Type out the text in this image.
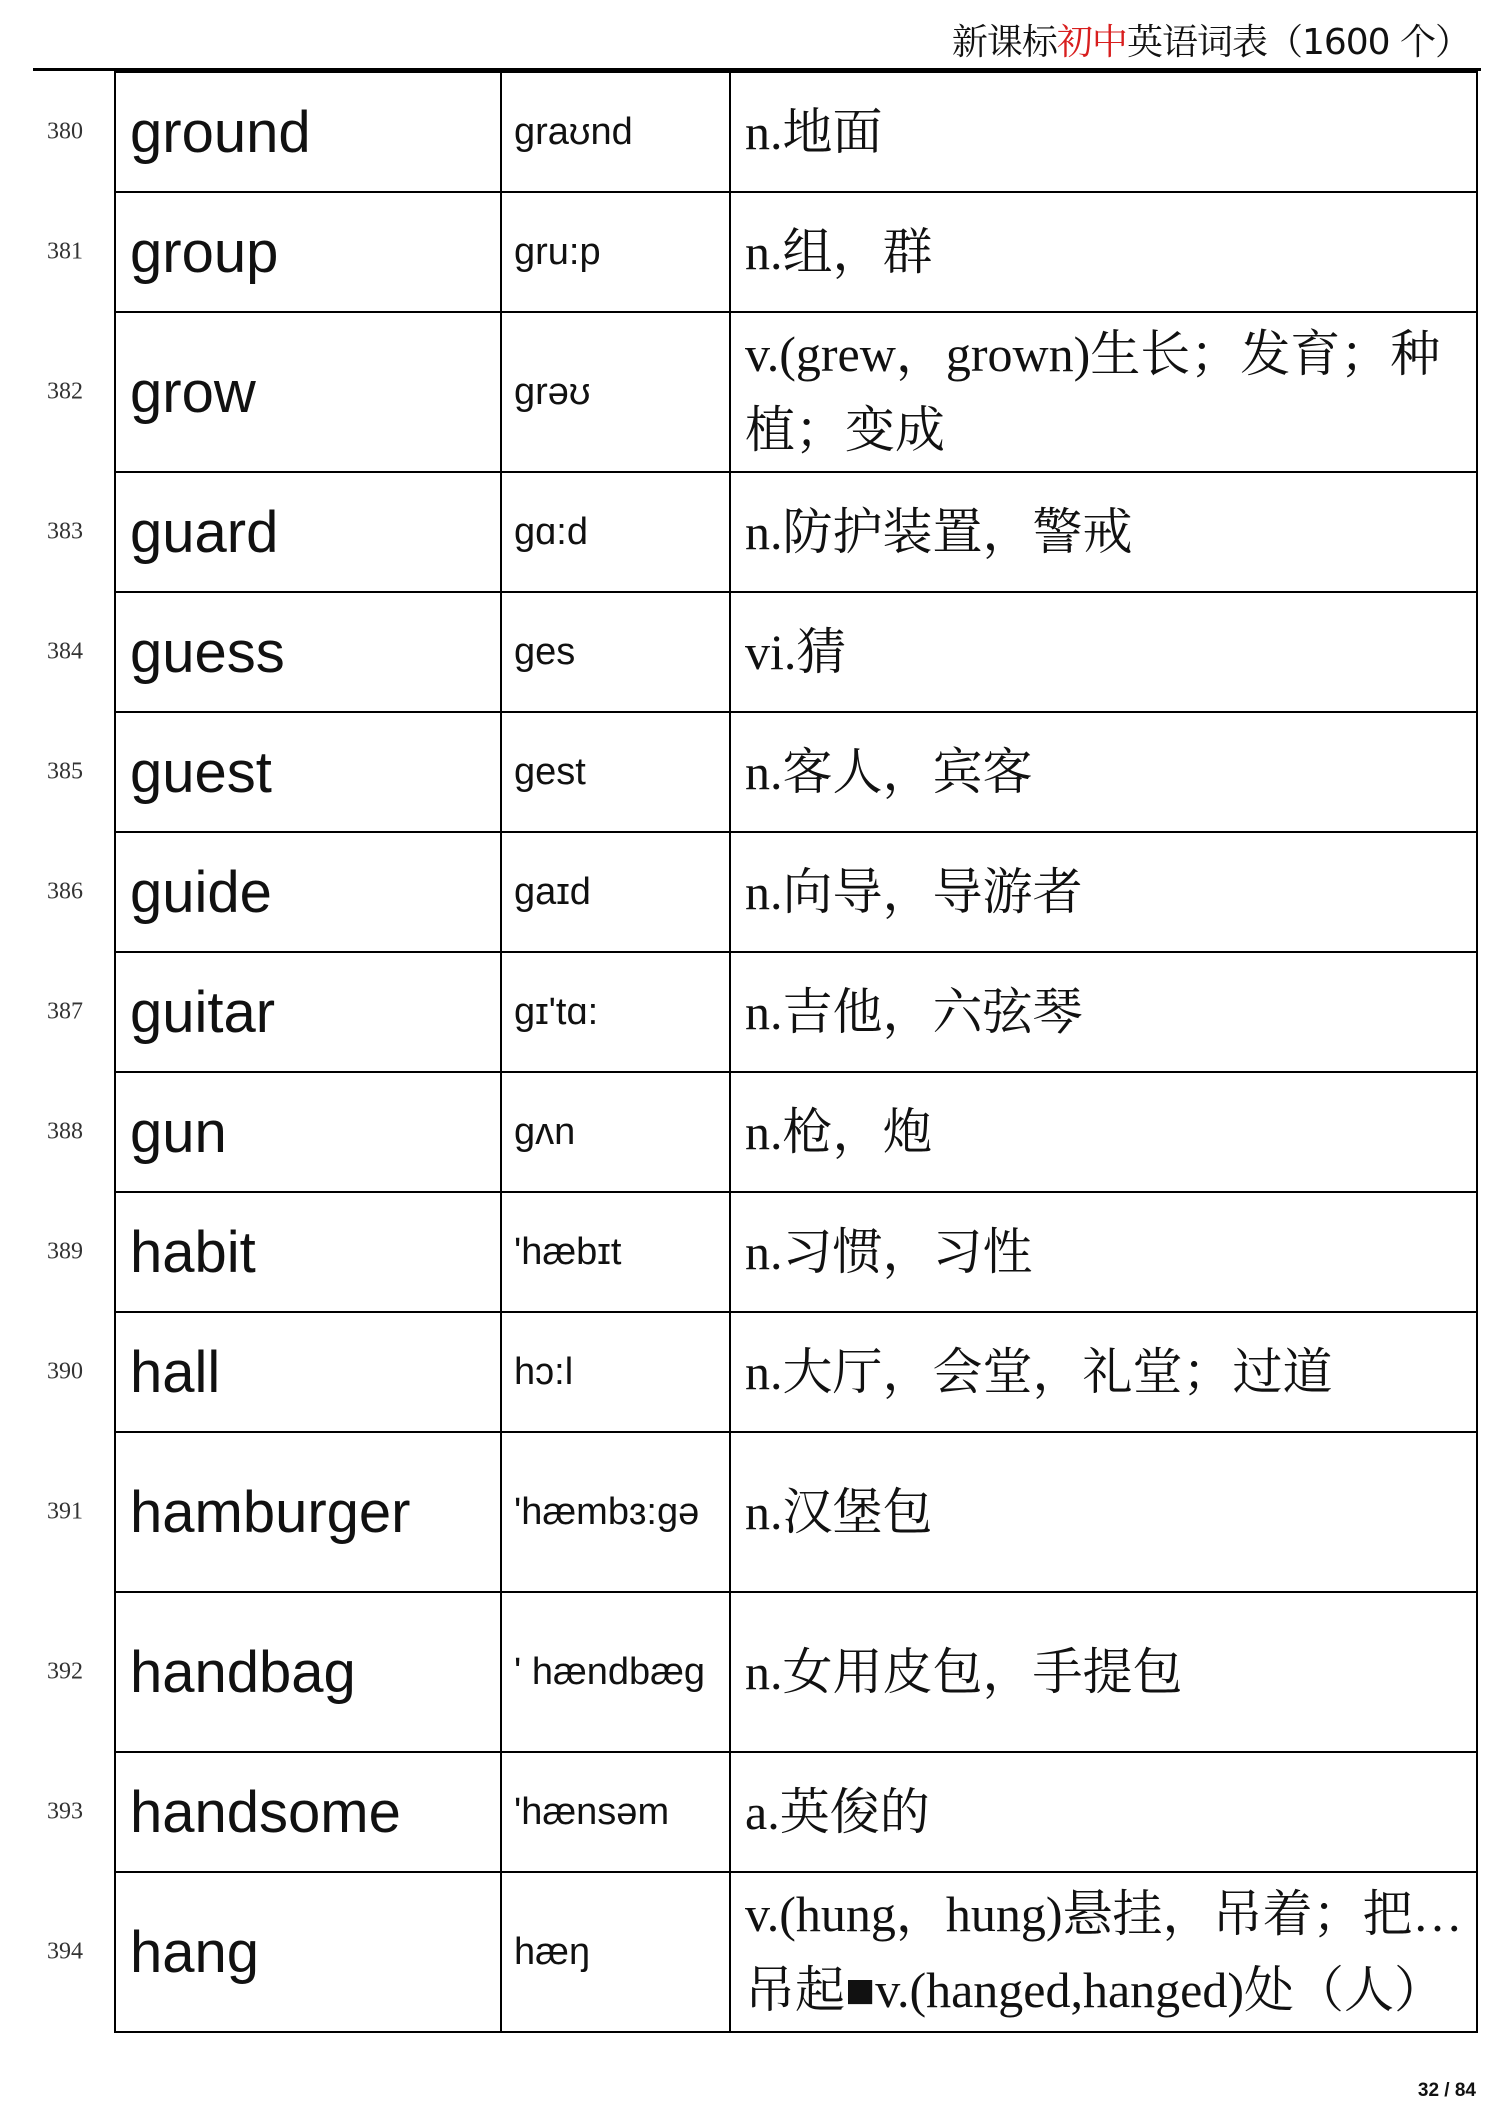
新课标初中英语词表（1600 个）
380 ground	graʊnd	n.地面

381 group	gru:p	n.组，群

382 grow	grəʊ	v.(grew，grown)生长；发育；种植；变成

383 guard	gɑ:d	n.防护装置，警戒

384 guess	ges	vi.猜

385 guest	gest	n.客人，宾客

386 guide	gaɪd	n.向导，导游者

387 guitar	gɪ'tɑ:	n.吉他，六弦琴

388 gun	gʌn	n.枪，炮

389 habit	'hæbɪt	n.习惯，习性

390 hall	hɔ:l	n.大厅，会堂，礼堂；过道

391 hamburger	'hæmbɜ:gə	n.汉堡包

392 handbag	' hændbæg	n.女用皮包，手提包

393 handsome	'hænsəm	a.英俊的

394 hang	hæŋ	v.(hung，hung)悬挂，吊着；把…吊起■v.(hanged,hanged)处（人）
32 / 84
